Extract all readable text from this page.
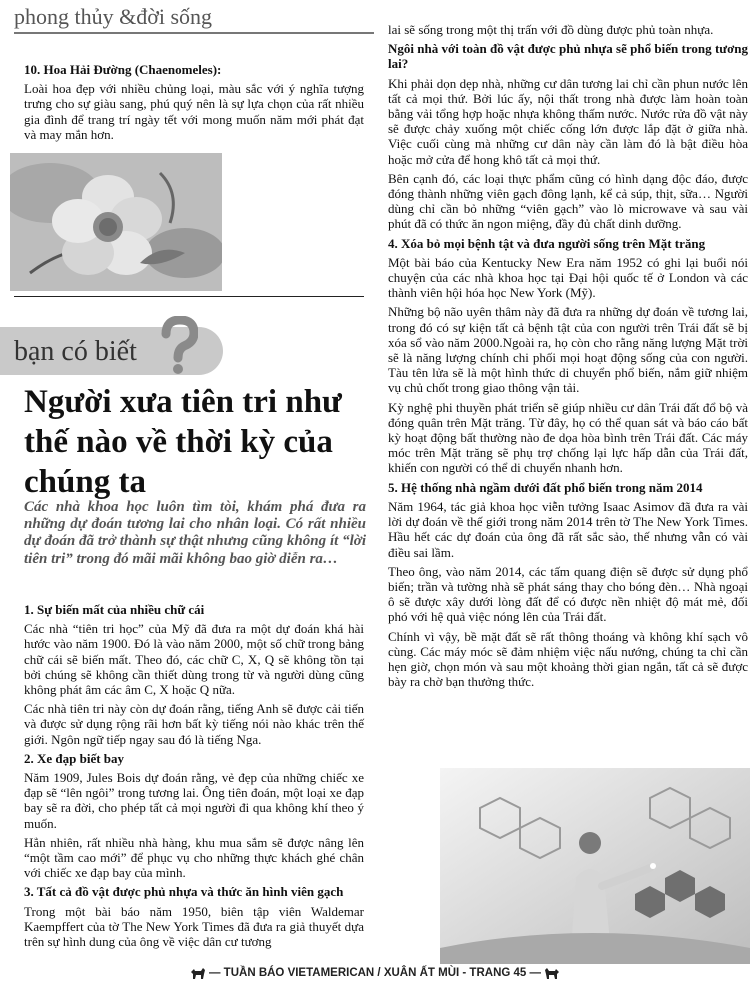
phong thủy &đời sống

10. Hoa Hải Đường (Chaenomeles):

Loài hoa đẹp với nhiều chủng loại, màu sắc với ý nghĩa tượng trưng cho sự giàu sang, phú quý nên là sự lựa chọn của rất nhiều gia đình để trang trí ngày tết với mong muốn năm mới phát đạt và may mắn hơn.

bạn có biết
Người xưa tiên tri như thế nào về thời kỳ của chúng ta
Các nhà khoa học luôn tìm tòi, khám phá đưa ra những dự đoán tương lai cho nhân loại. Có rất nhiều dự đoán đã trở thành sự thật nhưng cũng không ít “lời tiên tri” trong đó mãi mãi không bao giờ diễn ra…

1. Sự biến mất của nhiều chữ cái

Các nhà “tiên tri học” của Mỹ đã đưa ra một dự đoán khá hài hước vào năm 1900. Đó là vào năm 2000, một số chữ trong bảng chữ cái sẽ biến mất. Theo đó, các chữ C, X, Q sẽ không tồn tại bởi chúng sẽ không cần thiết dùng trong từ và người dùng cũng không phát âm các âm C, X hoặc Q nữa.

Các nhà tiên tri này còn dự đoán rằng, tiếng Anh sẽ được cải tiến và được sử dụng rộng rãi hơn bất kỳ tiếng nói nào khác trên thế giới. Ngôn ngữ tiếp ngay sau đó là tiếng Nga.

2. Xe đạp biết bay

Năm 1909, Jules Bois dự đoán rằng, vẻ đẹp của những chiếc xe đạp sẽ “lên ngôi” trong tương lai. Ông tiên đoán, một loại xe đạp bay sẽ ra đời, cho phép tất cả mọi người đi qua không khí theo ý muốn.

Hẳn nhiên, rất nhiều nhà hàng, khu mua sắm sẽ được nâng lên “một tầm cao mới” để phục vụ cho những thực khách ghé chân với chiếc xe đạp bay của mình.

3. Tất cả đồ vật được phủ nhựa và thức ăn hình viên gạch

Trong một bài báo năm 1950, biên tập viên Waldemar Kaempffert của tờ The New York Times đã đưa ra giả thuyết dựa trên sự hình dung của ông về việc dân cư tương

lai sẽ sống trong một thị trấn với đồ dùng được phủ toàn nhựa.

Ngôi nhà với toàn đồ vật được phủ nhựa sẽ phổ biến trong tương lai?

Khi phải dọn dẹp nhà, những cư dân tương lai chỉ cần phun nước lên tất cả mọi thứ. Bởi lúc ấy, nội thất trong nhà được làm hoàn toàn bằng vải tổng hợp hoặc nhựa không thấm nước. Nước rửa đồ vật này sẽ được chảy xuống một chiếc cống lớn được lắp đặt ở giữa nhà. Việc cuối cùng mà những cư dân này cần làm đó là bật điều hòa hoặc mở cửa để hong khô tất cả mọi thứ.

Bên cạnh đó, các loại thực phẩm cũng có hình dạng độc đáo, được đóng thành những viên gạch đông lạnh, kể cả súp, thịt, sữa… Người dùng chỉ cần bỏ những “viên gạch” vào lò microwave và sau vài phút đã có thức ăn ngon miệng, đầy đủ chất dinh dưỡng.

4. Xóa bỏ mọi bệnh tật và đưa người sống trên Mặt trăng

Một bài báo của Kentucky New Era năm 1952 có ghi lại buổi nói chuyện của các nhà khoa học tại Đại hội quốc tế ở London và các thành viên hội hóa học New York (Mỹ).

Những bộ não uyên thâm này đã đưa ra những dự đoán về tương lai, trong đó có sự kiện tất cả bệnh tật của con người trên Trái đất sẽ bị xóa sổ vào năm 2000.Ngoài ra, họ còn cho rằng năng lượng Mặt trời sẽ là năng lượng chính chi phối mọi hoạt động sống của con người. Tàu tên lửa sẽ là một hình thức di chuyển phổ biến, nắm giữ nhiệm vụ chủ chốt trong giao thông vận tải.

Kỳ nghệ phi thuyền phát triển sẽ giúp nhiều cư dân Trái đất đổ bộ và đóng quân trên Mặt trăng. Từ đây, họ có thể quan sát và báo cáo bất kỳ hoạt động bất thường nào đe dọa hòa bình trên Trái đất. Các máy móc trên Mặt trăng sẽ phụ trợ chống lại lực hấp dẫn của Trái đất, khiến con người có thể di chuyển nhanh hơn.

5. Hệ thống nhà ngầm dưới đất phổ biến trong năm 2014

Năm 1964, tác giả khoa học viễn tưởng Isaac Asimov đã đưa ra vài lời dự đoán về thế giới trong năm 2014 trên tờ The New York Times. Hầu hết các dự đoán của ông đã rất sắc sảo, thế nhưng vẫn có vài điều sai lầm.

Theo ông, vào năm 2014, các tấm quang điện sẽ được sử dụng phổ biến; trần và tường nhà sẽ phát sáng thay cho bóng đèn… Nhà ngoại ô sẽ được xây dưới lòng đất để có được nền nhiệt độ mát mẻ, đối phó với hệ quả việc nóng lên của Trái đất.

Chính vì vậy, bề mặt đất sẽ rất thông thoáng và không khí sạch vô cùng. Các máy móc sẽ đảm nhiệm việc nấu nướng, chúng ta chỉ cần hẹn giờ, chọn món và sau một khoảng thời gian ngắn, tất cả sẽ được bày ra chờ bạn thưởng thức.

— TUẦN BÁO VIETAMERICAN / XUÂN ẤT MÙI - TRANG 45 —
